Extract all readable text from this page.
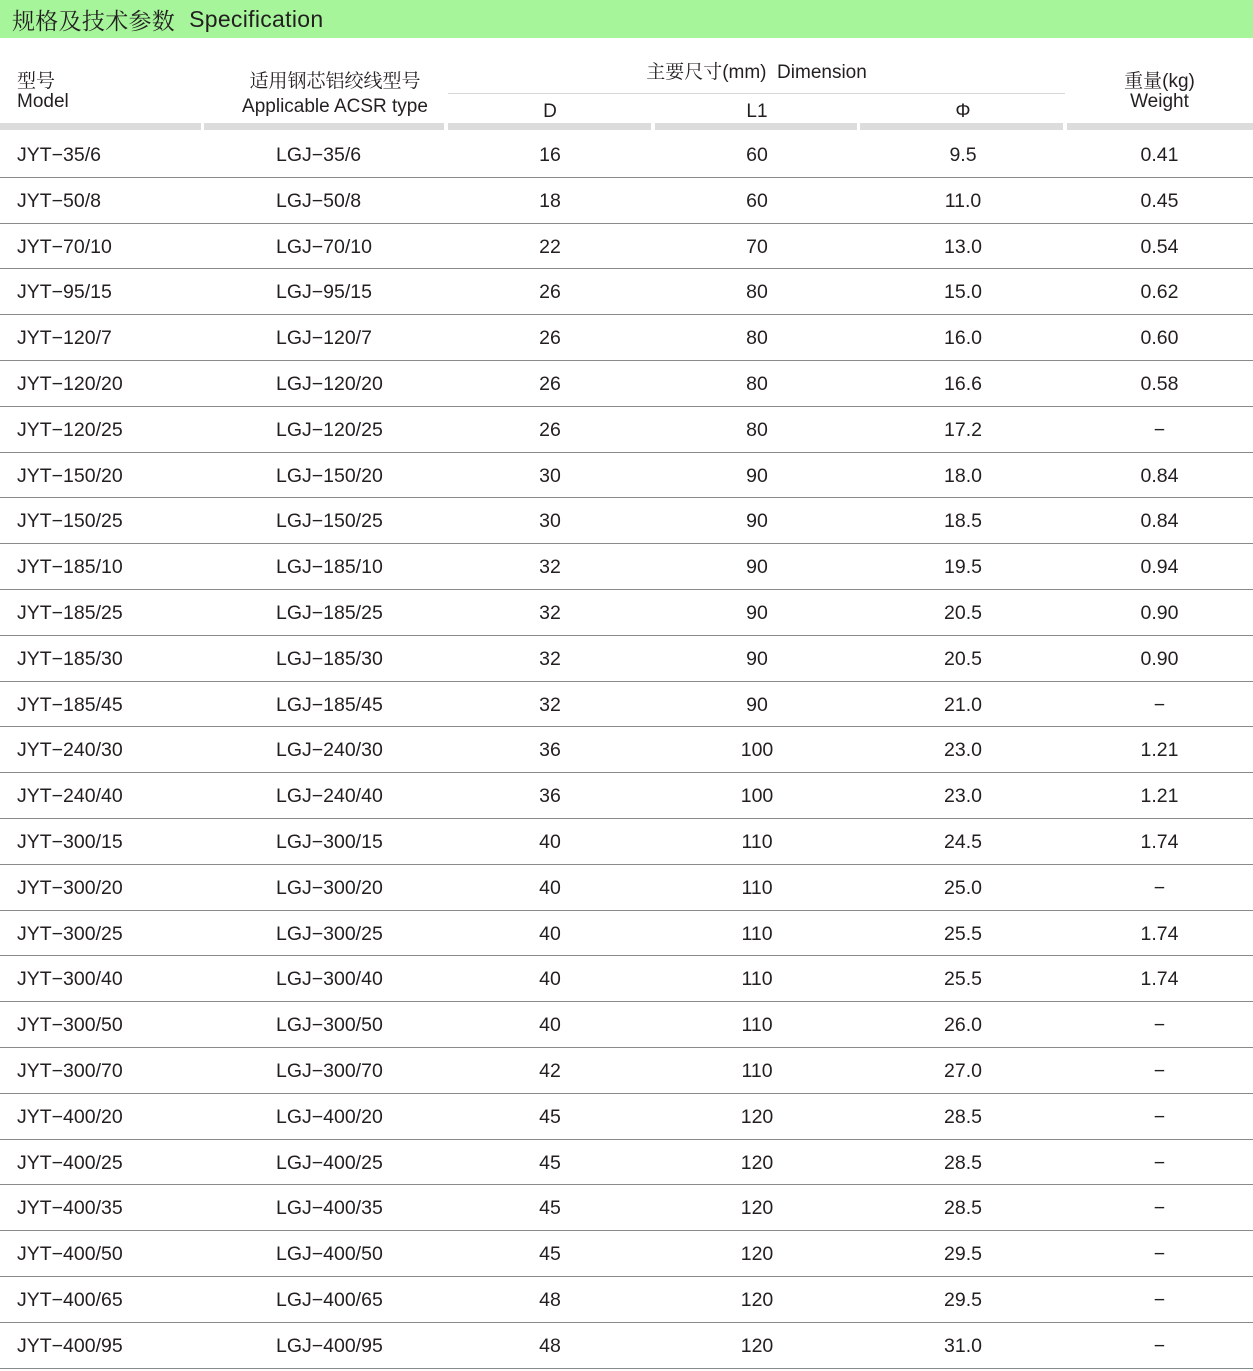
规格及技术参数 Specification
型号
Model
适用钢芯铝绞线型号
Applicable ACSR type
主要尺寸(mm)  Dimension
D	L1	Φ
重量(kg)
Weight
JYT−35/6	LGJ−35/6	16	60	9.5	0.41
JYT−50/8	LGJ−50/8	18	60	11.0	0.45
JYT−70/10	LGJ−70/10	22	70	13.0	0.54
JYT−95/15	LGJ−95/15	26	80	15.0	0.62
JYT−120/7	LGJ−120/7	26	80	16.0	0.60
JYT−120/20	LGJ−120/20	26	80	16.6	0.58
JYT−120/25	LGJ−120/25	26	80	17.2	−
JYT−150/20	LGJ−150/20	30	90	18.0	0.84
JYT−150/25	LGJ−150/25	30	90	18.5	0.84
JYT−185/10	LGJ−185/10	32	90	19.5	0.94
JYT−185/25	LGJ−185/25	32	90	20.5	0.90
JYT−185/30	LGJ−185/30	32	90	20.5	0.90
JYT−185/45	LGJ−185/45	32	90	21.0	−
JYT−240/30	LGJ−240/30	36	100	23.0	1.21
JYT−240/40	LGJ−240/40	36	100	23.0	1.21
JYT−300/15	LGJ−300/15	40	110	24.5	1.74
JYT−300/20	LGJ−300/20	40	110	25.0	−
JYT−300/25	LGJ−300/25	40	110	25.5	1.74
JYT−300/40	LGJ−300/40	40	110	25.5	1.74
JYT−300/50	LGJ−300/50	40	110	26.0	−
JYT−300/70	LGJ−300/70	42	110	27.0	−
JYT−400/20	LGJ−400/20	45	120	28.5	−
JYT−400/25	LGJ−400/25	45	120	28.5	−
JYT−400/35	LGJ−400/35	45	120	28.5	−
JYT−400/50	LGJ−400/50	45	120	29.5	−
JYT−400/65	LGJ−400/65	48	120	29.5	−
JYT−400/95	LGJ−400/95	48	120	31.0	−
